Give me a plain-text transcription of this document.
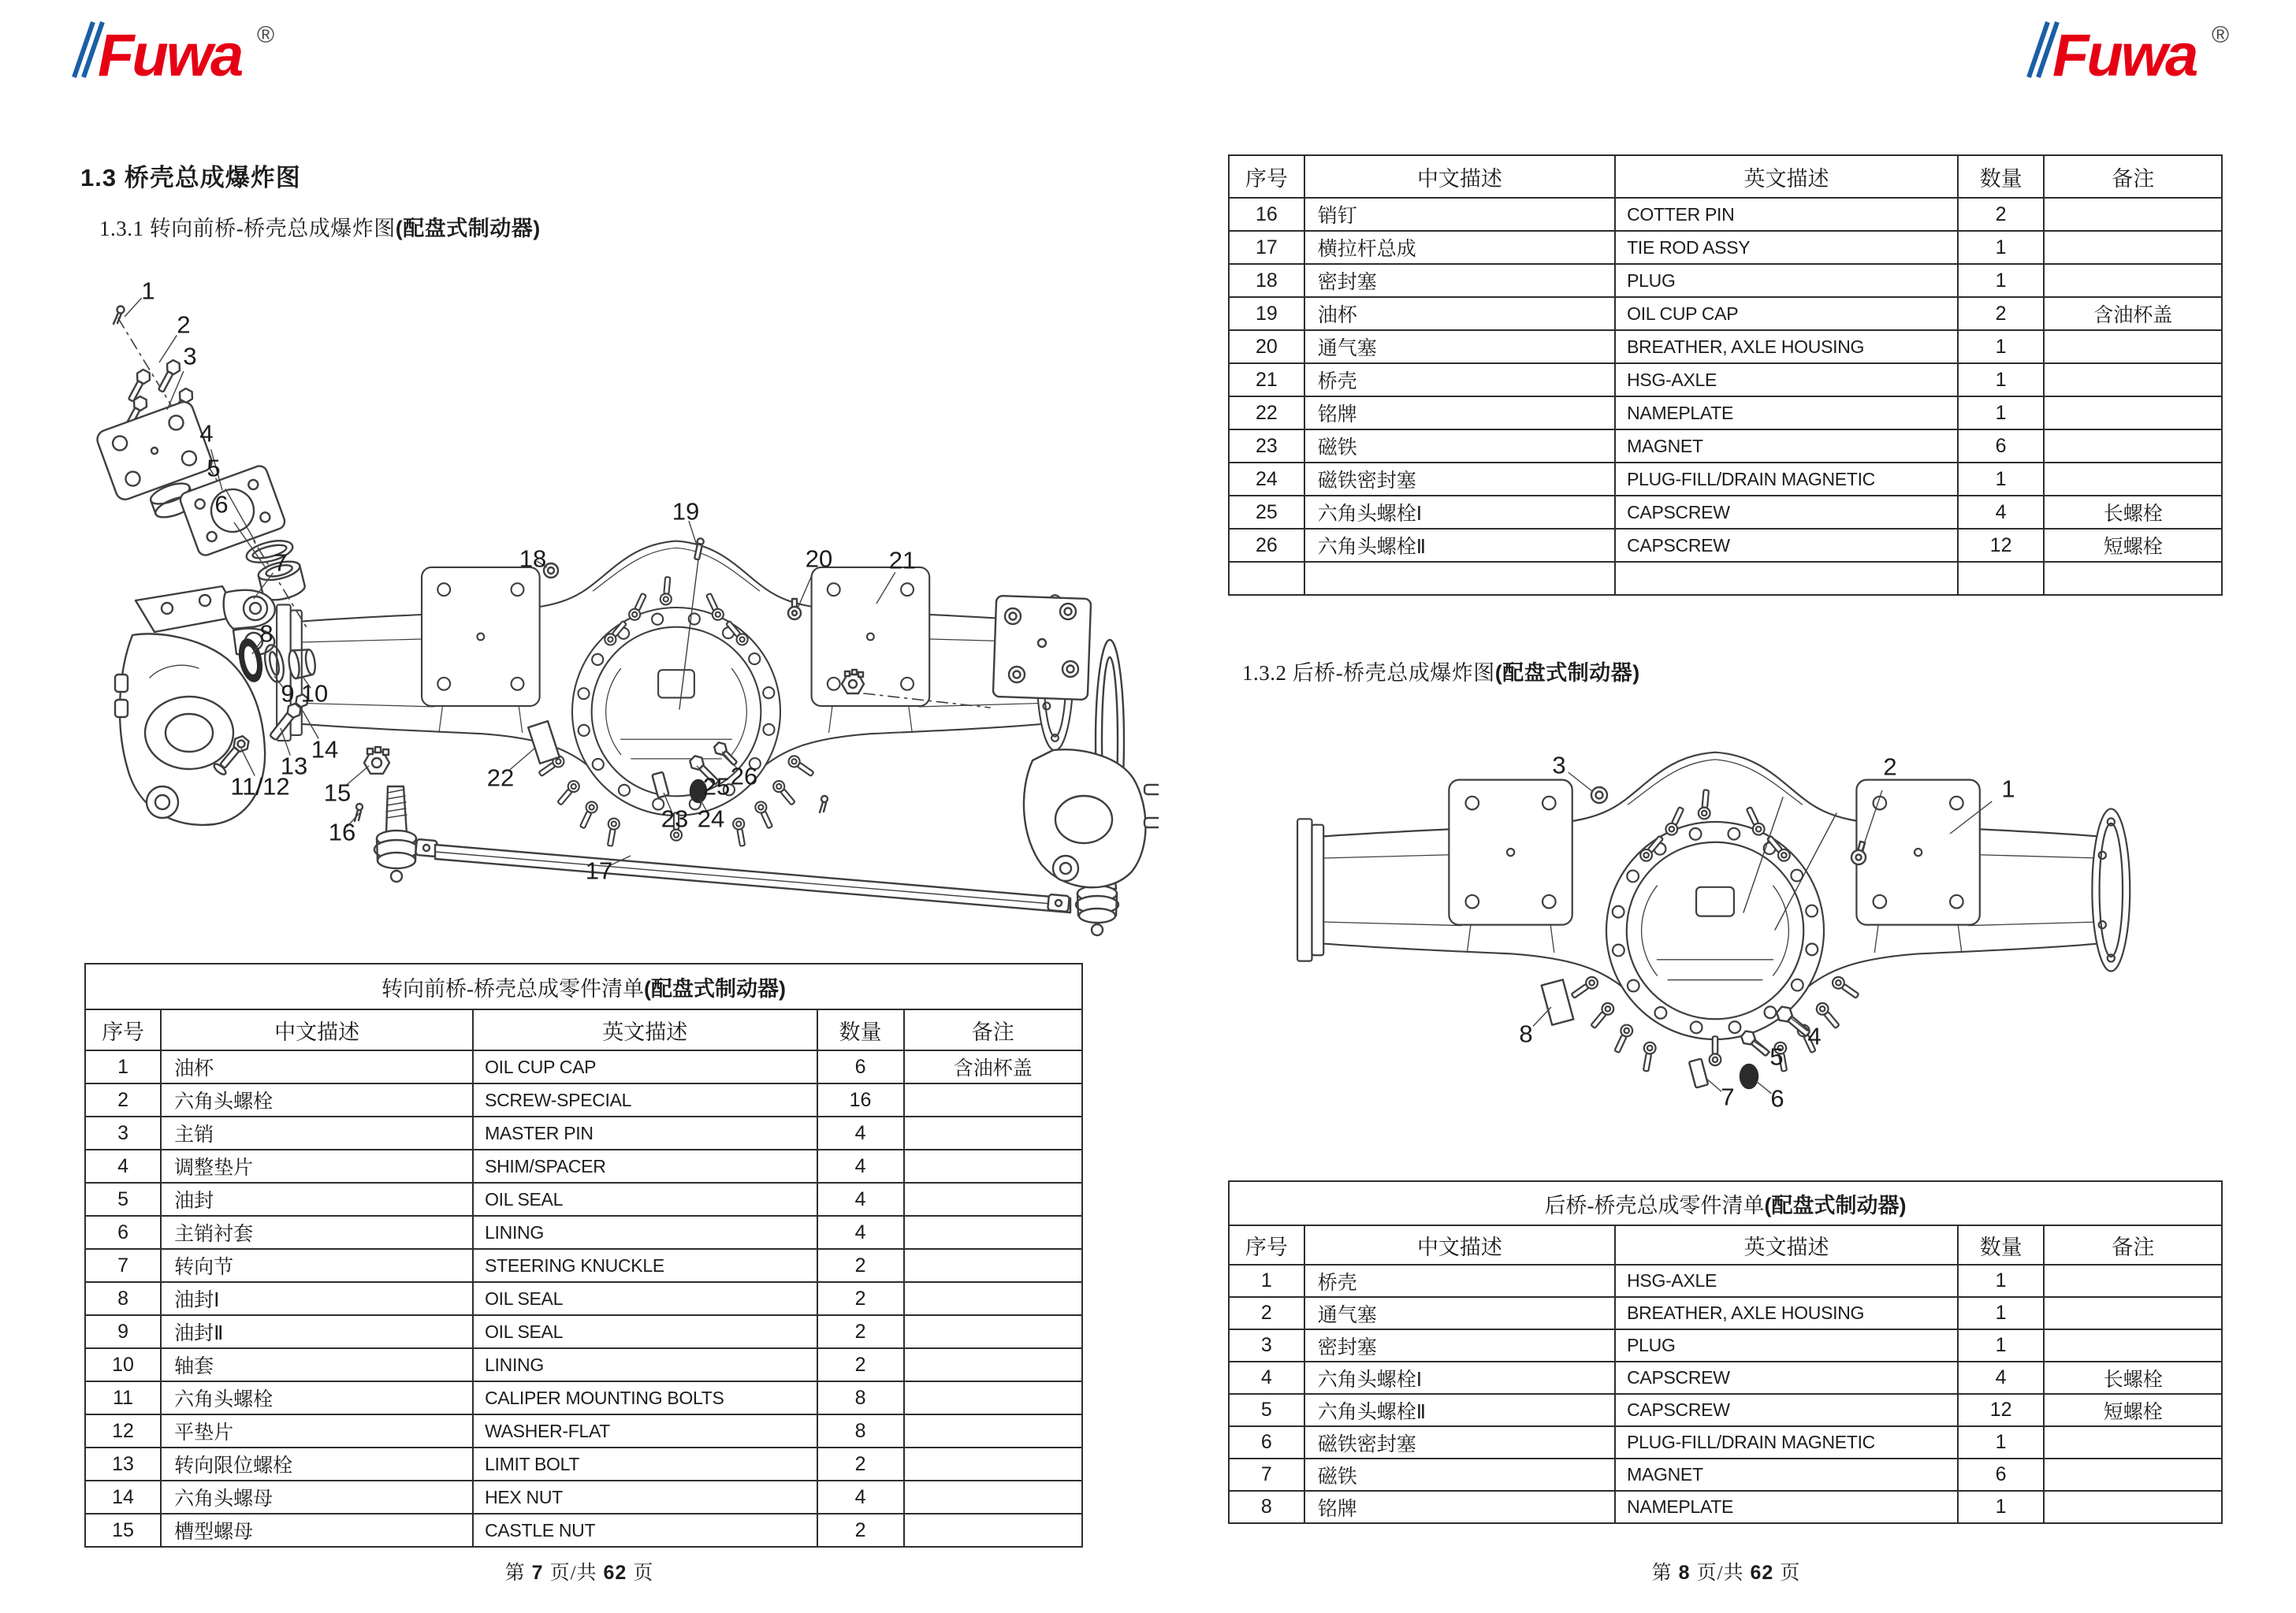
Fuwa ®	Fuwa ®
1.3 桥壳总成爆炸图
1.3.1 转向前桥-桥壳总成爆炸图(配盘式制动器)
1.3.2 后桥-桥壳总成爆炸图(配盘式制动器)
1
2
3
4
5
6
7
8
9 10
11/12
13
14
15
16
17
18
19
20 21
22
23 24
25 26	3	2
1
8	4
5
6
7
转向前桥-桥壳总成零件清单(配盘式制动器)				
序号	中文描述	英文描述	数量	备注
1	油杯	OIL CUP CAP	6	含油杯盖
2	六角头螺栓	SCREW-SPECIAL	16	
3	主销	MASTER PIN	4	
4	调整垫片	SHIM/SPACER	4	
5	油封	OIL SEAL	4	
6	主销衬套	LINING	4	
7	转向节	STEERING KNUCKLE	2	
8	油封Ⅰ	OIL SEAL	2	
9	油封Ⅱ	OIL SEAL	2	
10	轴套	LINING	2	
11	六角头螺栓	CALIPER MOUNTING BOLTS	8	
12	平垫片	WASHER-FLAT	8	
13	转向限位螺栓	LIMIT BOLT	2	
14	六角头螺母	HEX NUT	4	
15	槽型螺母	CASTLE NUT	2	
序号	中文描述	英文描述	数量	备注
16	销钉	COTTER PIN	2	
17	横拉杆总成	TIE ROD ASSY	1	
18	密封塞	PLUG	1	
19	油杯	OIL CUP CAP	2	含油杯盖
20	通气塞	BREATHER, AXLE HOUSING	1	
21	桥壳	HSG-AXLE	1	
22	铭牌	NAMEPLATE	1	
23	磁铁	MAGNET	6	
24	磁铁密封塞	PLUG-FILL/DRAIN MAGNETIC	1	
25	六角头螺栓Ⅰ	CAPSCREW	4	长螺栓
26	六角头螺栓Ⅱ	CAPSCREW	12	短螺栓

后桥-桥壳总成零件清单(配盘式制动器)				
序号	中文描述	英文描述	数量	备注
1	桥壳	HSG-AXLE	1	
2	通气塞	BREATHER, AXLE HOUSING	1	
3	密封塞	PLUG	1	
4	六角头螺栓Ⅰ	CAPSCREW	4	长螺栓
5	六角头螺栓Ⅱ	CAPSCREW	12	短螺栓
6	磁铁密封塞	PLUG-FILL/DRAIN MAGNETIC	1	
7	磁铁	MAGNET	6	
8	铭牌	NAMEPLATE	1	
第 7 页/共 62 页	第 8 页/共 62 页
